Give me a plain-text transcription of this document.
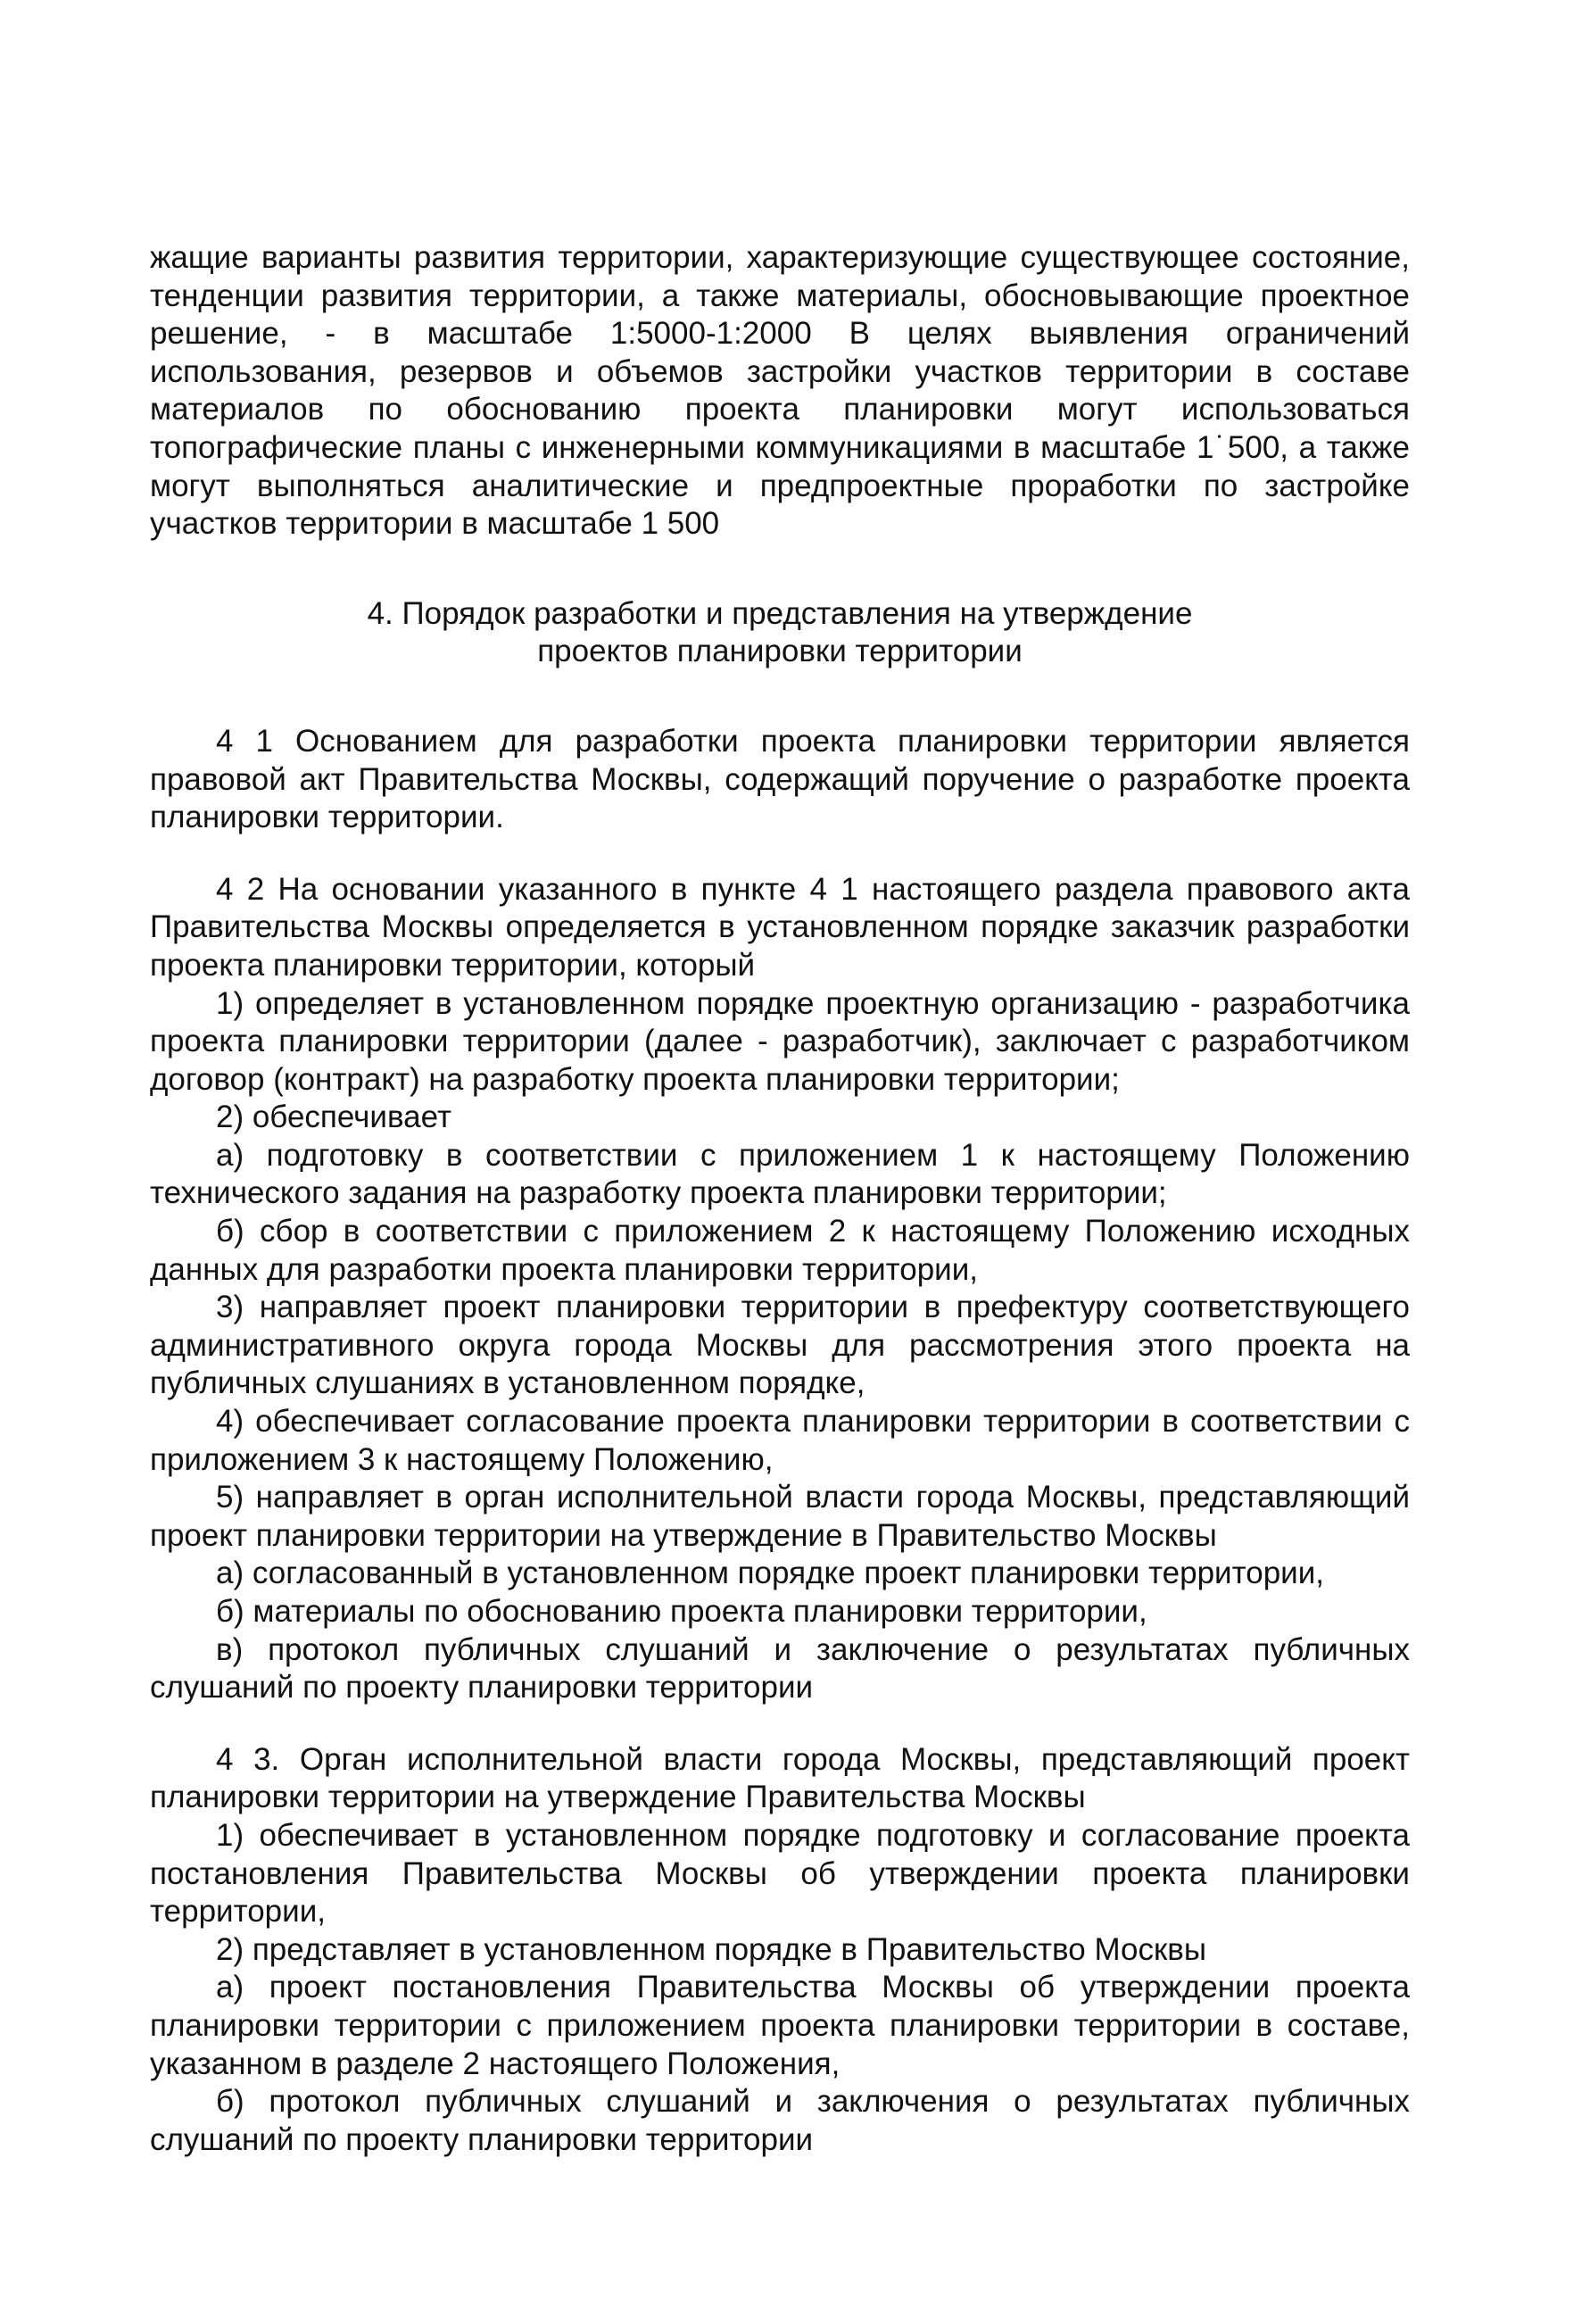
жащие варианты развития территории, характеризующие существующее состояние, тенденции развития территории, а также материалы, обосновывающие проектное решение, - в масштабе 1:5000-1:2000 В целях выявления ограничений использования, резервов и объемов застройки участков территории в составе материалов по обоснованию проекта планировки могут использоваться топографические планы с инженерными коммуникациями в масштабе 1˙500, а также могут выполняться аналитические и предпроектные проработки по застройке участков территории в масштабе 1 500

4. Порядок разработки и представления на утверждение
проектов планировки территории

4 1 Основанием для разработки проекта планировки территории является правовой акт Правительства Москвы, содержащий поручение о разработке проекта планировки территории.

4 2 На основании указанного в пункте 4 1 настоящего раздела правового акта Правительства Москвы определяется в установленном порядке заказчик разработки проекта планировки территории, который

1) определяет в установленном порядке проектную организацию - разработчика проекта планировки территории (далее - разработчик), заключает с разработчиком договор (контракт) на разработку проекта планировки территории;

2) обеспечивает

а) подготовку в соответствии с приложением 1 к настоящему Положению технического задания на разработку проекта планировки территории;

б) сбор в соответствии с приложением 2 к настоящему Положению исходных данных для разработки проекта планировки территории,

3) направляет проект планировки территории в префектуру соответствующего административного округа города Москвы для рассмотрения этого проекта на публичных слушаниях в установленном порядке,

4) обеспечивает согласование проекта планировки территории в соответствии с приложением 3 к настоящему Положению,

5) направляет в орган исполнительной власти города Москвы, представляющий проект планировки территории на утверждение в Правительство Москвы

а) согласованный в установленном порядке проект планировки территории,

б) материалы по обоснованию проекта планировки территории,

в) протокол публичных слушаний и заключение о результатах публичных слушаний по проекту планировки территории

4 3. Орган исполнительной власти города Москвы, представляющий проект планировки территории на утверждение Правительства Москвы

1) обеспечивает в установленном порядке подготовку и согласование проекта постановления Правительства Москвы об утверждении проекта планировки территории,

2) представляет в установленном порядке в Правительство Москвы

а) проект постановления Правительства Москвы об утверждении проекта планировки территории с приложением проекта планировки территории в составе, указанном в разделе 2 настоящего Положения,

б) протокол публичных слушаний и заключения о результатах публичных слушаний по проекту планировки территории
